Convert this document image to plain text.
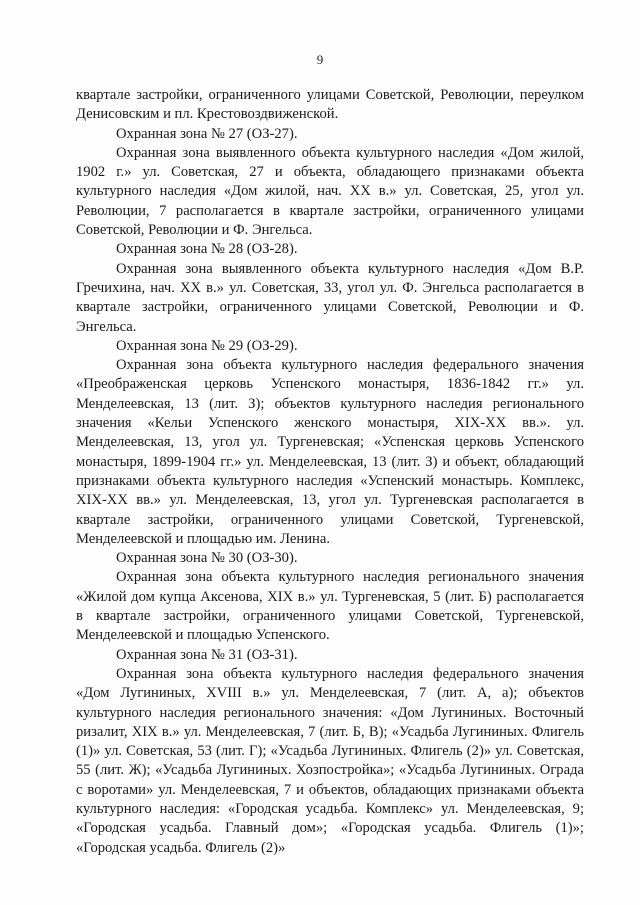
9

квартале застройки, ограниченного улицами Советской, Революции, переулком Денисовским и пл. Крестовоздвиженской.

Охранная зона № 27 (ОЗ-27).

Охранная зона выявленного объекта культурного наследия «Дом жилой, 1902 г.» ул. Советская, 27 и объекта, обладающего признаками объекта культурного наследия «Дом жилой, нач. XX в.» ул. Советская, 25, угол ул. Революции, 7 располагается в квартале застройки, ограниченного улицами Советской, Революции и Ф. Энгельса.

Охранная зона № 28 (ОЗ-28).

Охранная зона выявленного объекта культурного наследия «Дом В.Р. Гречихина, нач. XX в.» ул. Советская, 33, угол ул. Ф. Энгельса располагается в квартале застройки, ограниченного улицами Советской, Революции и Ф. Энгельса.

Охранная зона № 29 (ОЗ-29).

Охранная зона объекта культурного наследия федерального значения «Преображенская церковь Успенского монастыря, 1836-1842 гг.» ул. Менделеевская, 13 (лит. З); объектов культурного наследия регионального значения «Кельи Успенского женского монастыря, XIX-XX вв.». ул. Менделеевская, 13, угол ул. Тургеневская; «Успенская церковь Успенского монастыря, 1899-1904 гг.» ул. Менделеевская, 13 (лит. З) и объект, обладающий признаками объекта культурного наследия «Успенский монастырь. Комплекс, XIX-XX вв.» ул. Менделеевская, 13, угол ул. Тургеневская располагается в квартале застройки, ограниченного улицами Советской, Тургеневской, Менделеевской и площадью им. Ленина.

Охранная зона № 30 (ОЗ-30).

Охранная зона объекта культурного наследия регионального значения «Жилой дом купца Аксенова, XIX в.» ул. Тургеневская, 5 (лит. Б) располагается в квартале застройки, ограниченного улицами Советской, Тургеневской, Менделеевской и площадью Успенского.

Охранная зона № 31 (ОЗ-31).

Охранная зона объекта культурного наследия федерального значения «Дом Лугининых, XVIII в.» ул. Менделеевская, 7 (лит. А, а); объектов культурного наследия регионального значения: «Дом Лугининых. Восточный ризалит, XIX в.» ул. Менделеевская, 7 (лит. Б, В); «Усадьба Лугининых. Флигель (1)» ул. Советская, 53 (лит. Г); «Усадьба Лугининых. Флигель (2)» ул. Советская, 55 (лит. Ж); «Усадьба Лугининых. Хозпостройка»; «Усадьба Лугининых. Ограда с воротами» ул. Менделеевская, 7 и объектов, обладающих признаками объекта культурного наследия: «Городская усадьба. Комплекс» ул. Менделеевская, 9; «Городская усадьба. Главный дом»; «Городская усадьба. Флигель (1)»; «Городская усадьба. Флигель (2)»
